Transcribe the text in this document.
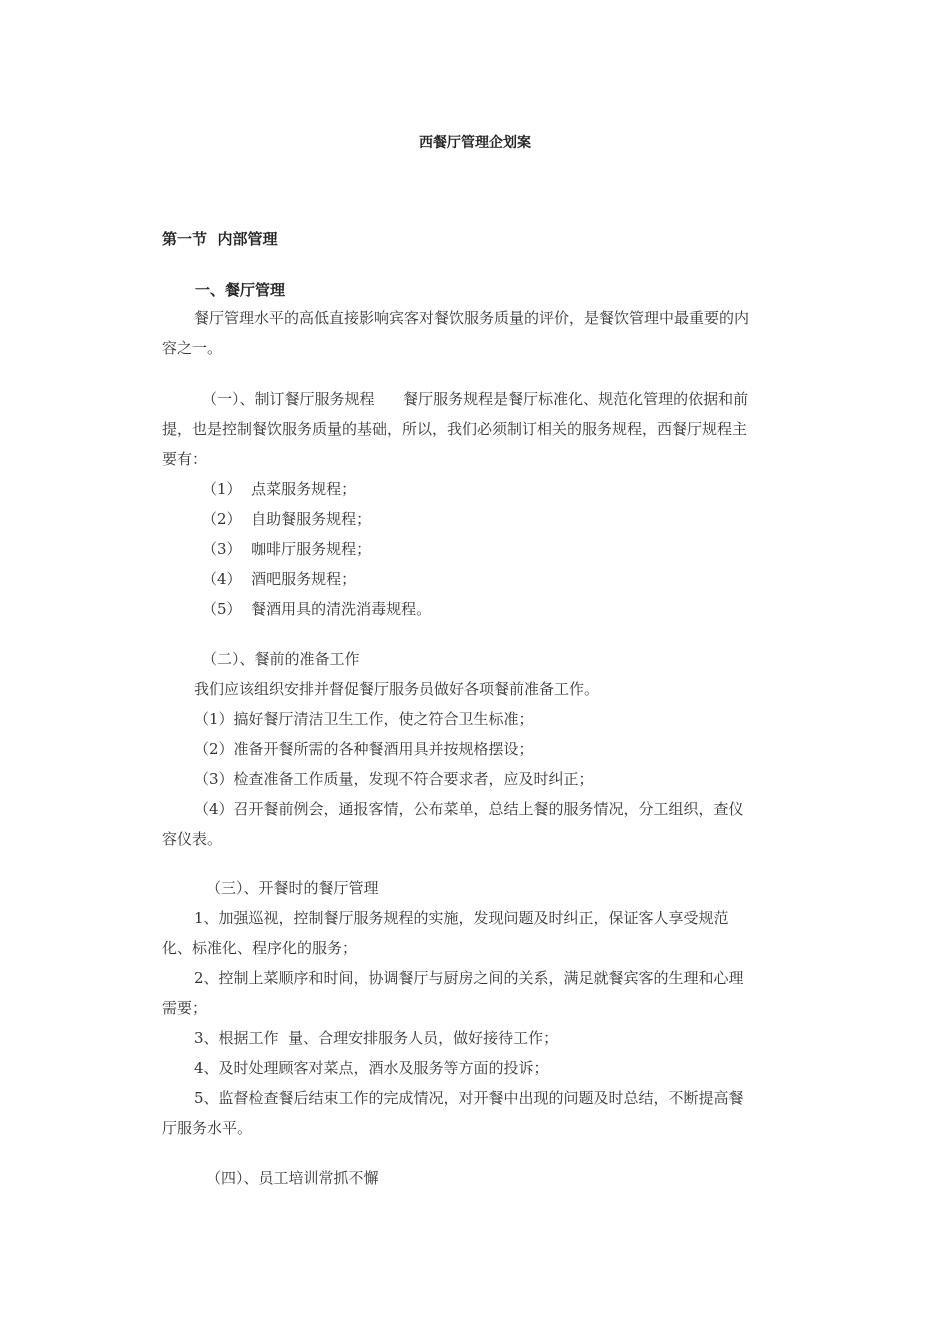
西餐厅管理企划案
第一节  内部管理
一、餐厅管理
餐厅管理水平的高低直接影响宾客对餐饮服务质量的评价，是餐饮管理中最重要的内
容之一。
（一）、制订餐厅服务规程      餐厅服务规程是餐厅标准化、规范化管理的依据和前
提，也是控制餐饮服务质量的基础，所以，我们必须制订相关的服务规程，西餐厅规程主
要有：
（1）  点菜服务规程；
（2）  自助餐服务规程；
（3）  咖啡厅服务规程；
（4）  酒吧服务规程；
（5）  餐酒用具的清洗消毒规程。
（二）、餐前的准备工作
我们应该组织安排并督促餐厅服务员做好各项餐前准备工作。
（1）搞好餐厅清洁卫生工作，使之符合卫生标准；
（2）准备开餐所需的各种餐酒用具并按规格摆设；
（3）检查准备工作质量，发现不符合要求者，应及时纠正；
（4）召开餐前例会，通报客情，公布菜单，总结上餐的服务情况，分工组织，查仪
容仪表。
（三）、开餐时的餐厅管理
1、加强巡视，控制餐厅服务规程的实施，发现问题及时纠正，保证客人享受规范
化、标准化、程序化的服务；
2、控制上菜顺序和时间，协调餐厅与厨房之间的关系，满足就餐宾客的生理和心理
需要；
3、根据工作  量、合理安排服务人员，做好接待工作；
4、及时处理顾客对菜点，酒水及服务等方面的投诉；
5、监督检查餐后结束工作的完成情况，对开餐中出现的问题及时总结，不断提高餐
厅服务水平。
（四）、员工培训常抓不懈
